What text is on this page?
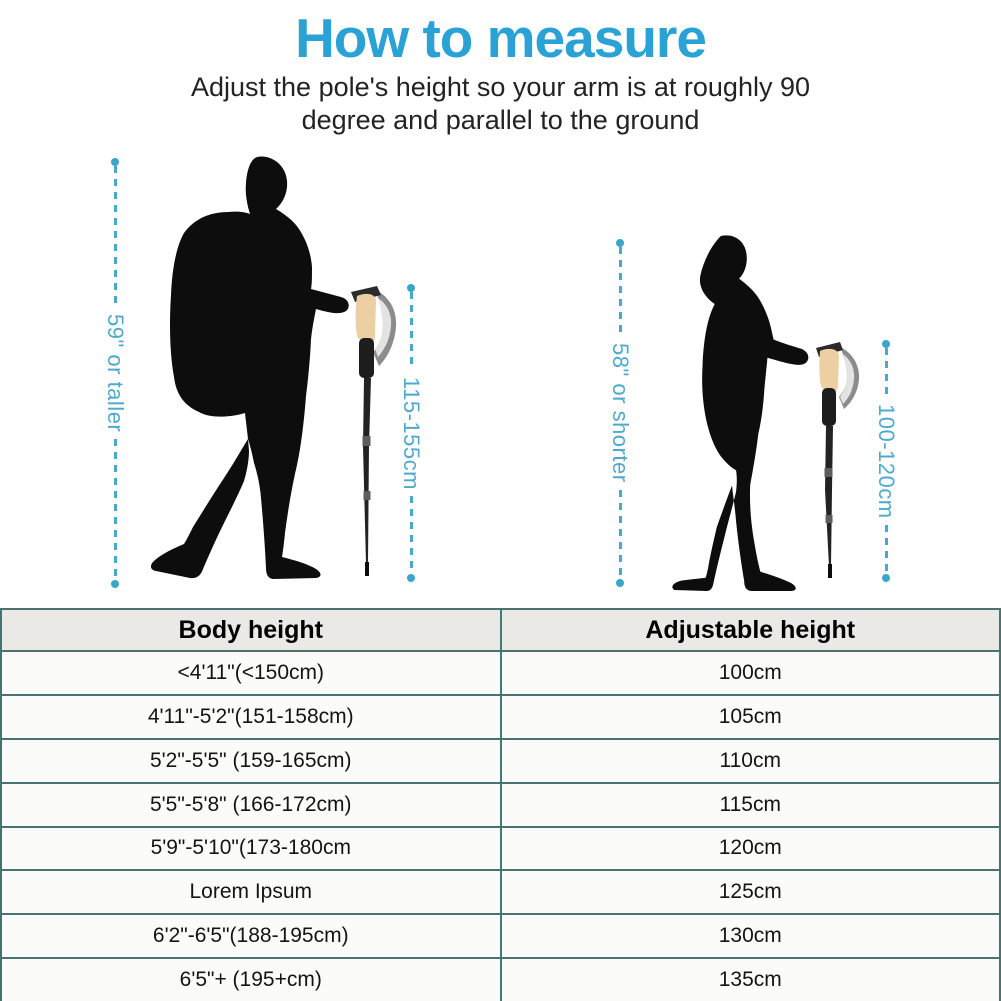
How to measure
Adjust the pole's height so your arm is at roughly 90
degree and parallel to the ground
59" or taller
115-155cm	58" or shorter	100-120cm
Body height	Adjustable height
<4'11"(<150cm)	100cm
4'11"-5'2"(151-158cm)	105cm
5'2"-5'5" (159-165cm)	110cm
5'5"-5'8" (166-172cm)	115cm
5'9"-5'10"(173-180cm	120cm
Lorem Ipsum	125cm
6'2"-6'5"(188-195cm)	130cm
6'5"+ (195+cm)	135cm
